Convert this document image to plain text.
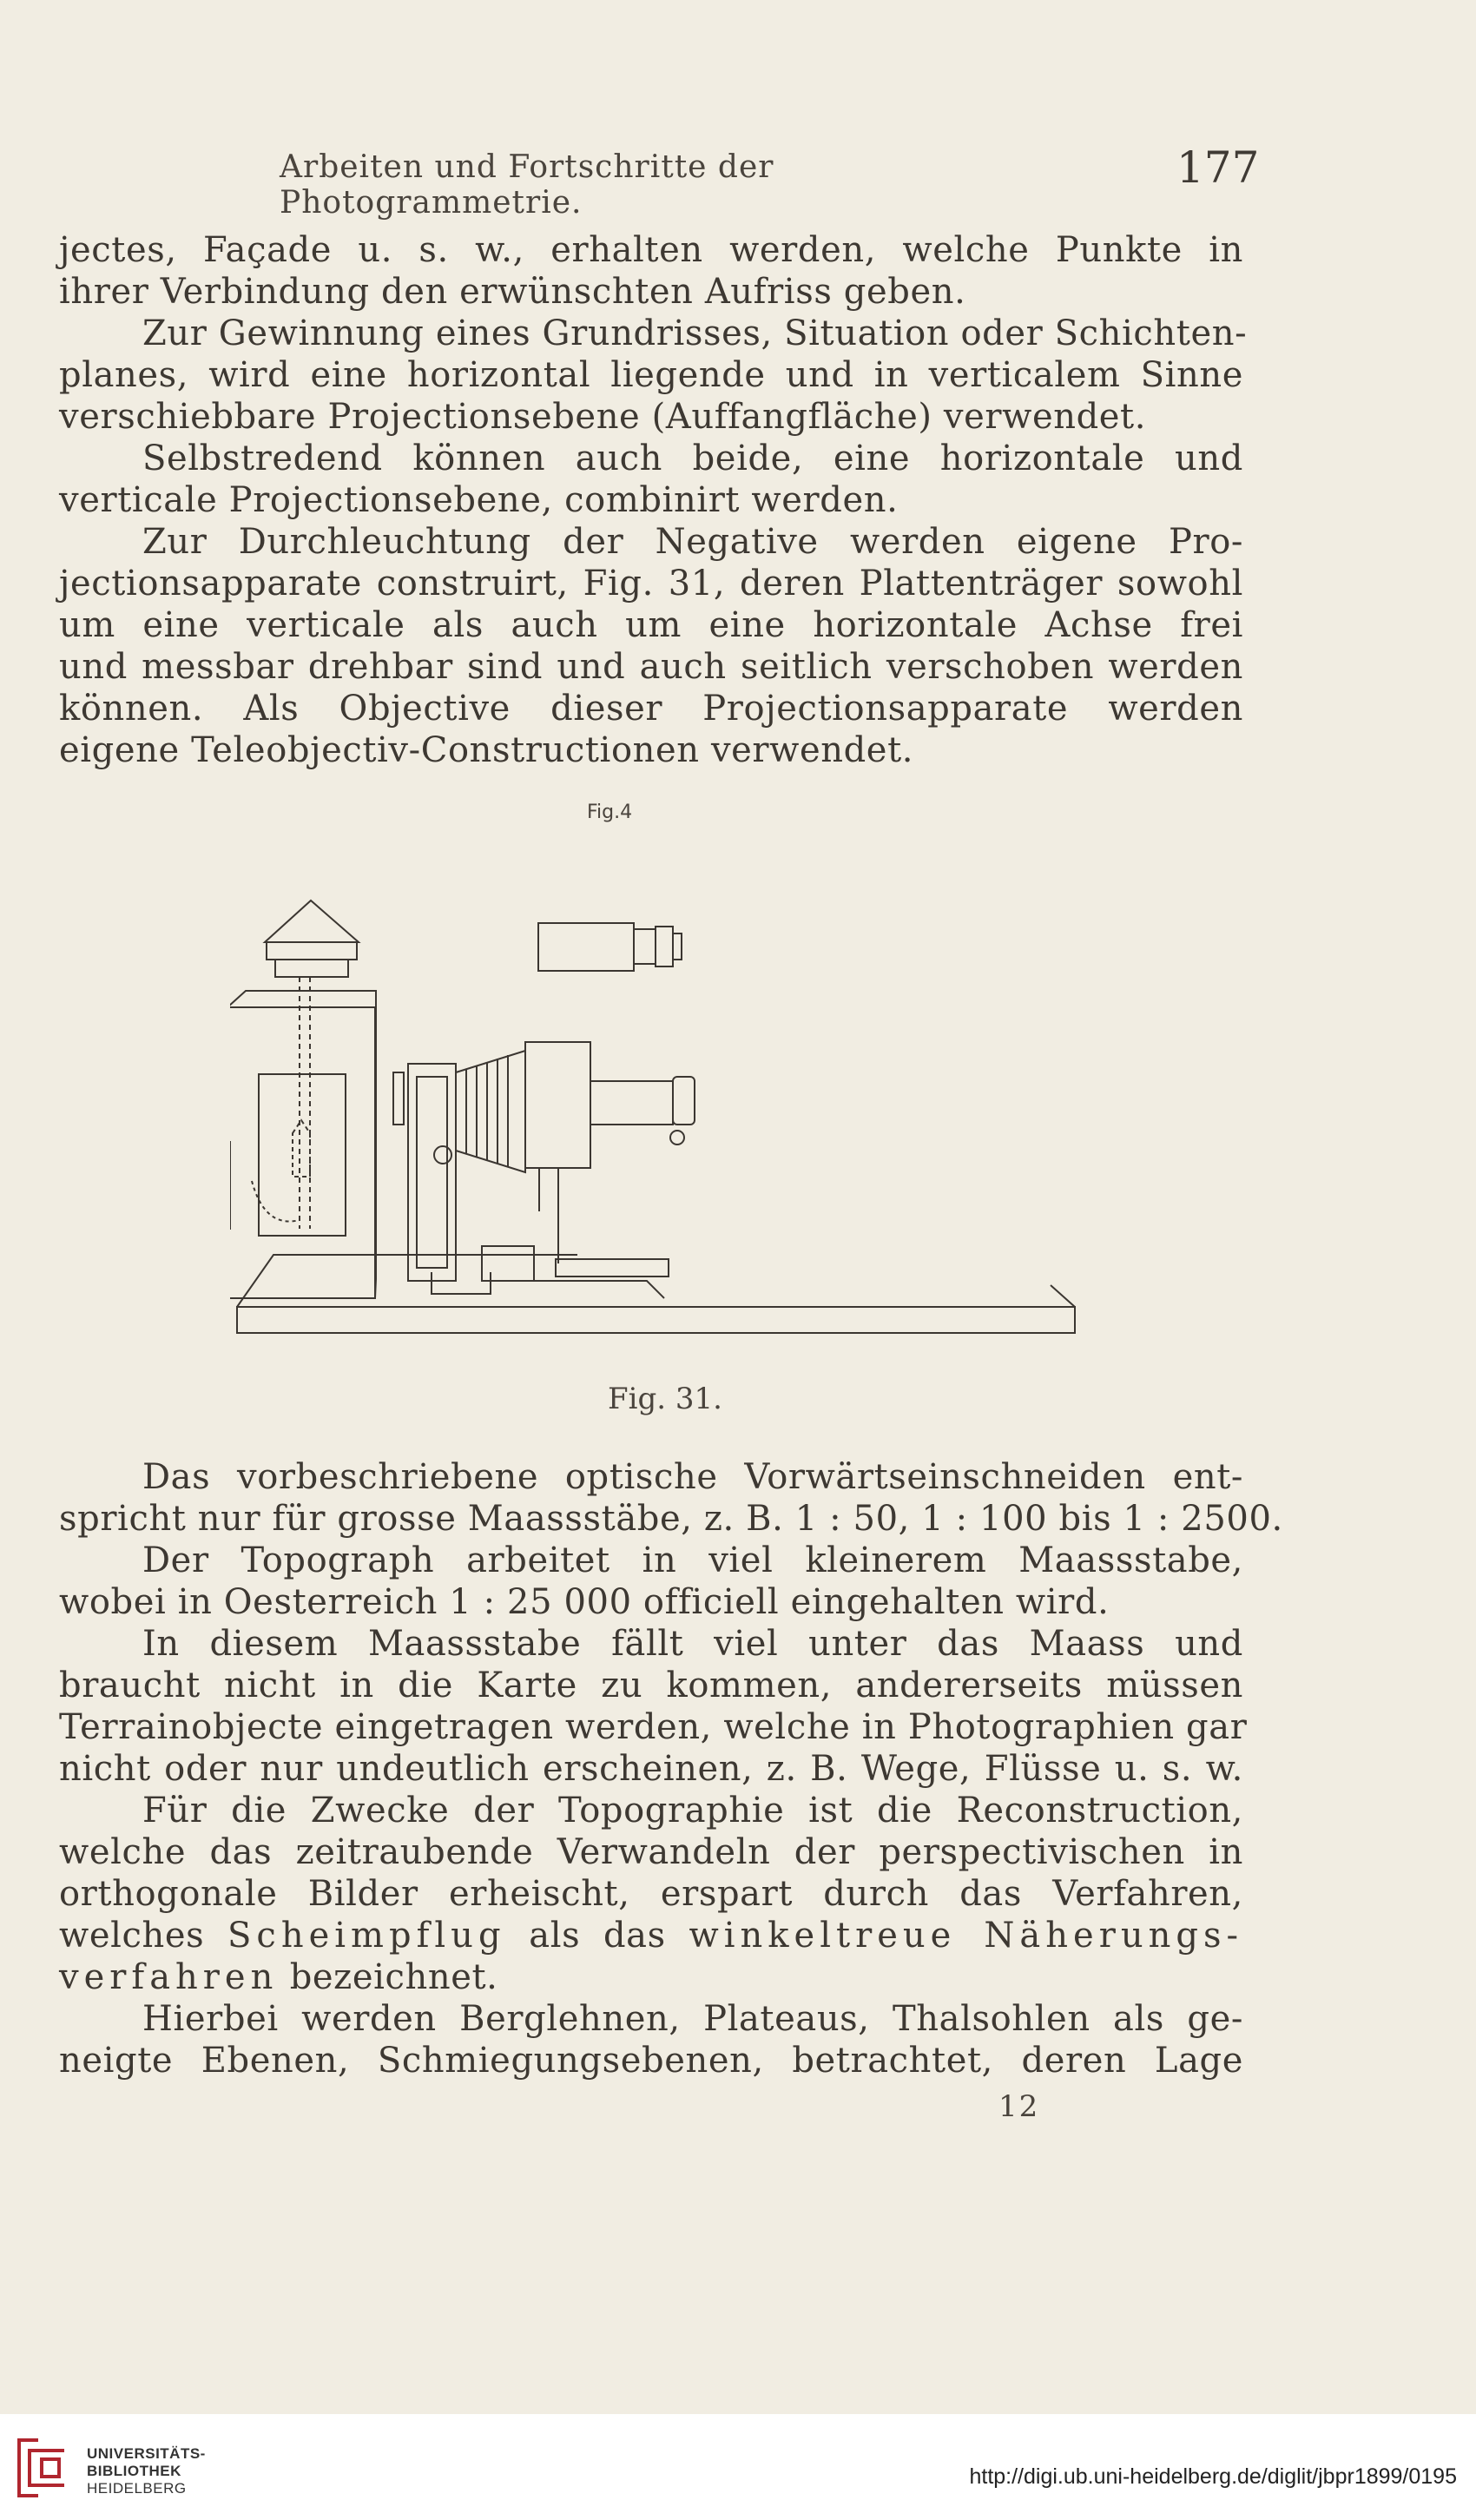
Arbeiten und Fortschritte der Photogrammetrie.
177
jectes, Façade u. s. w., erhalten werden, welche Punkte in
ihrer Verbindung den erwünschten Aufriss geben.
Zur Gewinnung eines Grundrisses, Situation oder Schichten-
planes, wird eine horizontal liegende und in verticalem Sinne
verschiebbare Projectionsebene (Auffangfläche) verwendet.
Selbstredend können auch beide, eine horizontale und
verticale Projectionsebene, combinirt werden.
Zur Durchleuchtung der Negative werden eigene Pro-
jectionsapparate construirt, Fig. 31, deren Plattenträger sowohl
um eine verticale als auch um eine horizontale Achse frei
und messbar drehbar sind und auch seitlich verschoben werden
können. Als Objective dieser Projectionsapparate werden
eigene Teleobjectiv-Constructionen verwendet.
Fig.4
Fig. 31.
Das vorbeschriebene optische Vorwärtseinschneiden ent-
spricht nur für grosse Maassstäbe, z. B. 1 : 50, 1 : 100 bis 1 : 2500.
Der Topograph arbeitet in viel kleinerem Maassstabe,
wobei in Oesterreich 1 : 25 000 officiell eingehalten wird.
In diesem Maassstabe fällt viel unter das Maass und
braucht nicht in die Karte zu kommen, andererseits müssen
Terrainobjecte eingetragen werden, welche in Photographien gar
nicht oder nur undeutlich erscheinen, z. B. Wege, Flüsse u. s. w.
Für die Zwecke der Topographie ist die Reconstruction,
welche das zeitraubende Verwandeln der perspectivischen in
orthogonale Bilder erheischt, erspart durch das Verfahren,
welches Scheimpflug als das winkeltreue Näherungs-
verfahren bezeichnet.
Hierbei werden Berglehnen, Plateaus, Thalsohlen als ge-
neigte Ebenen, Schmiegungsebenen, betrachtet, deren Lage
12
UNIVERSITÄTS-
BIBLIOTHEK
HEIDELBERG	http://digi.ub.uni-heidelberg.de/diglit/jbpr1899/0195
